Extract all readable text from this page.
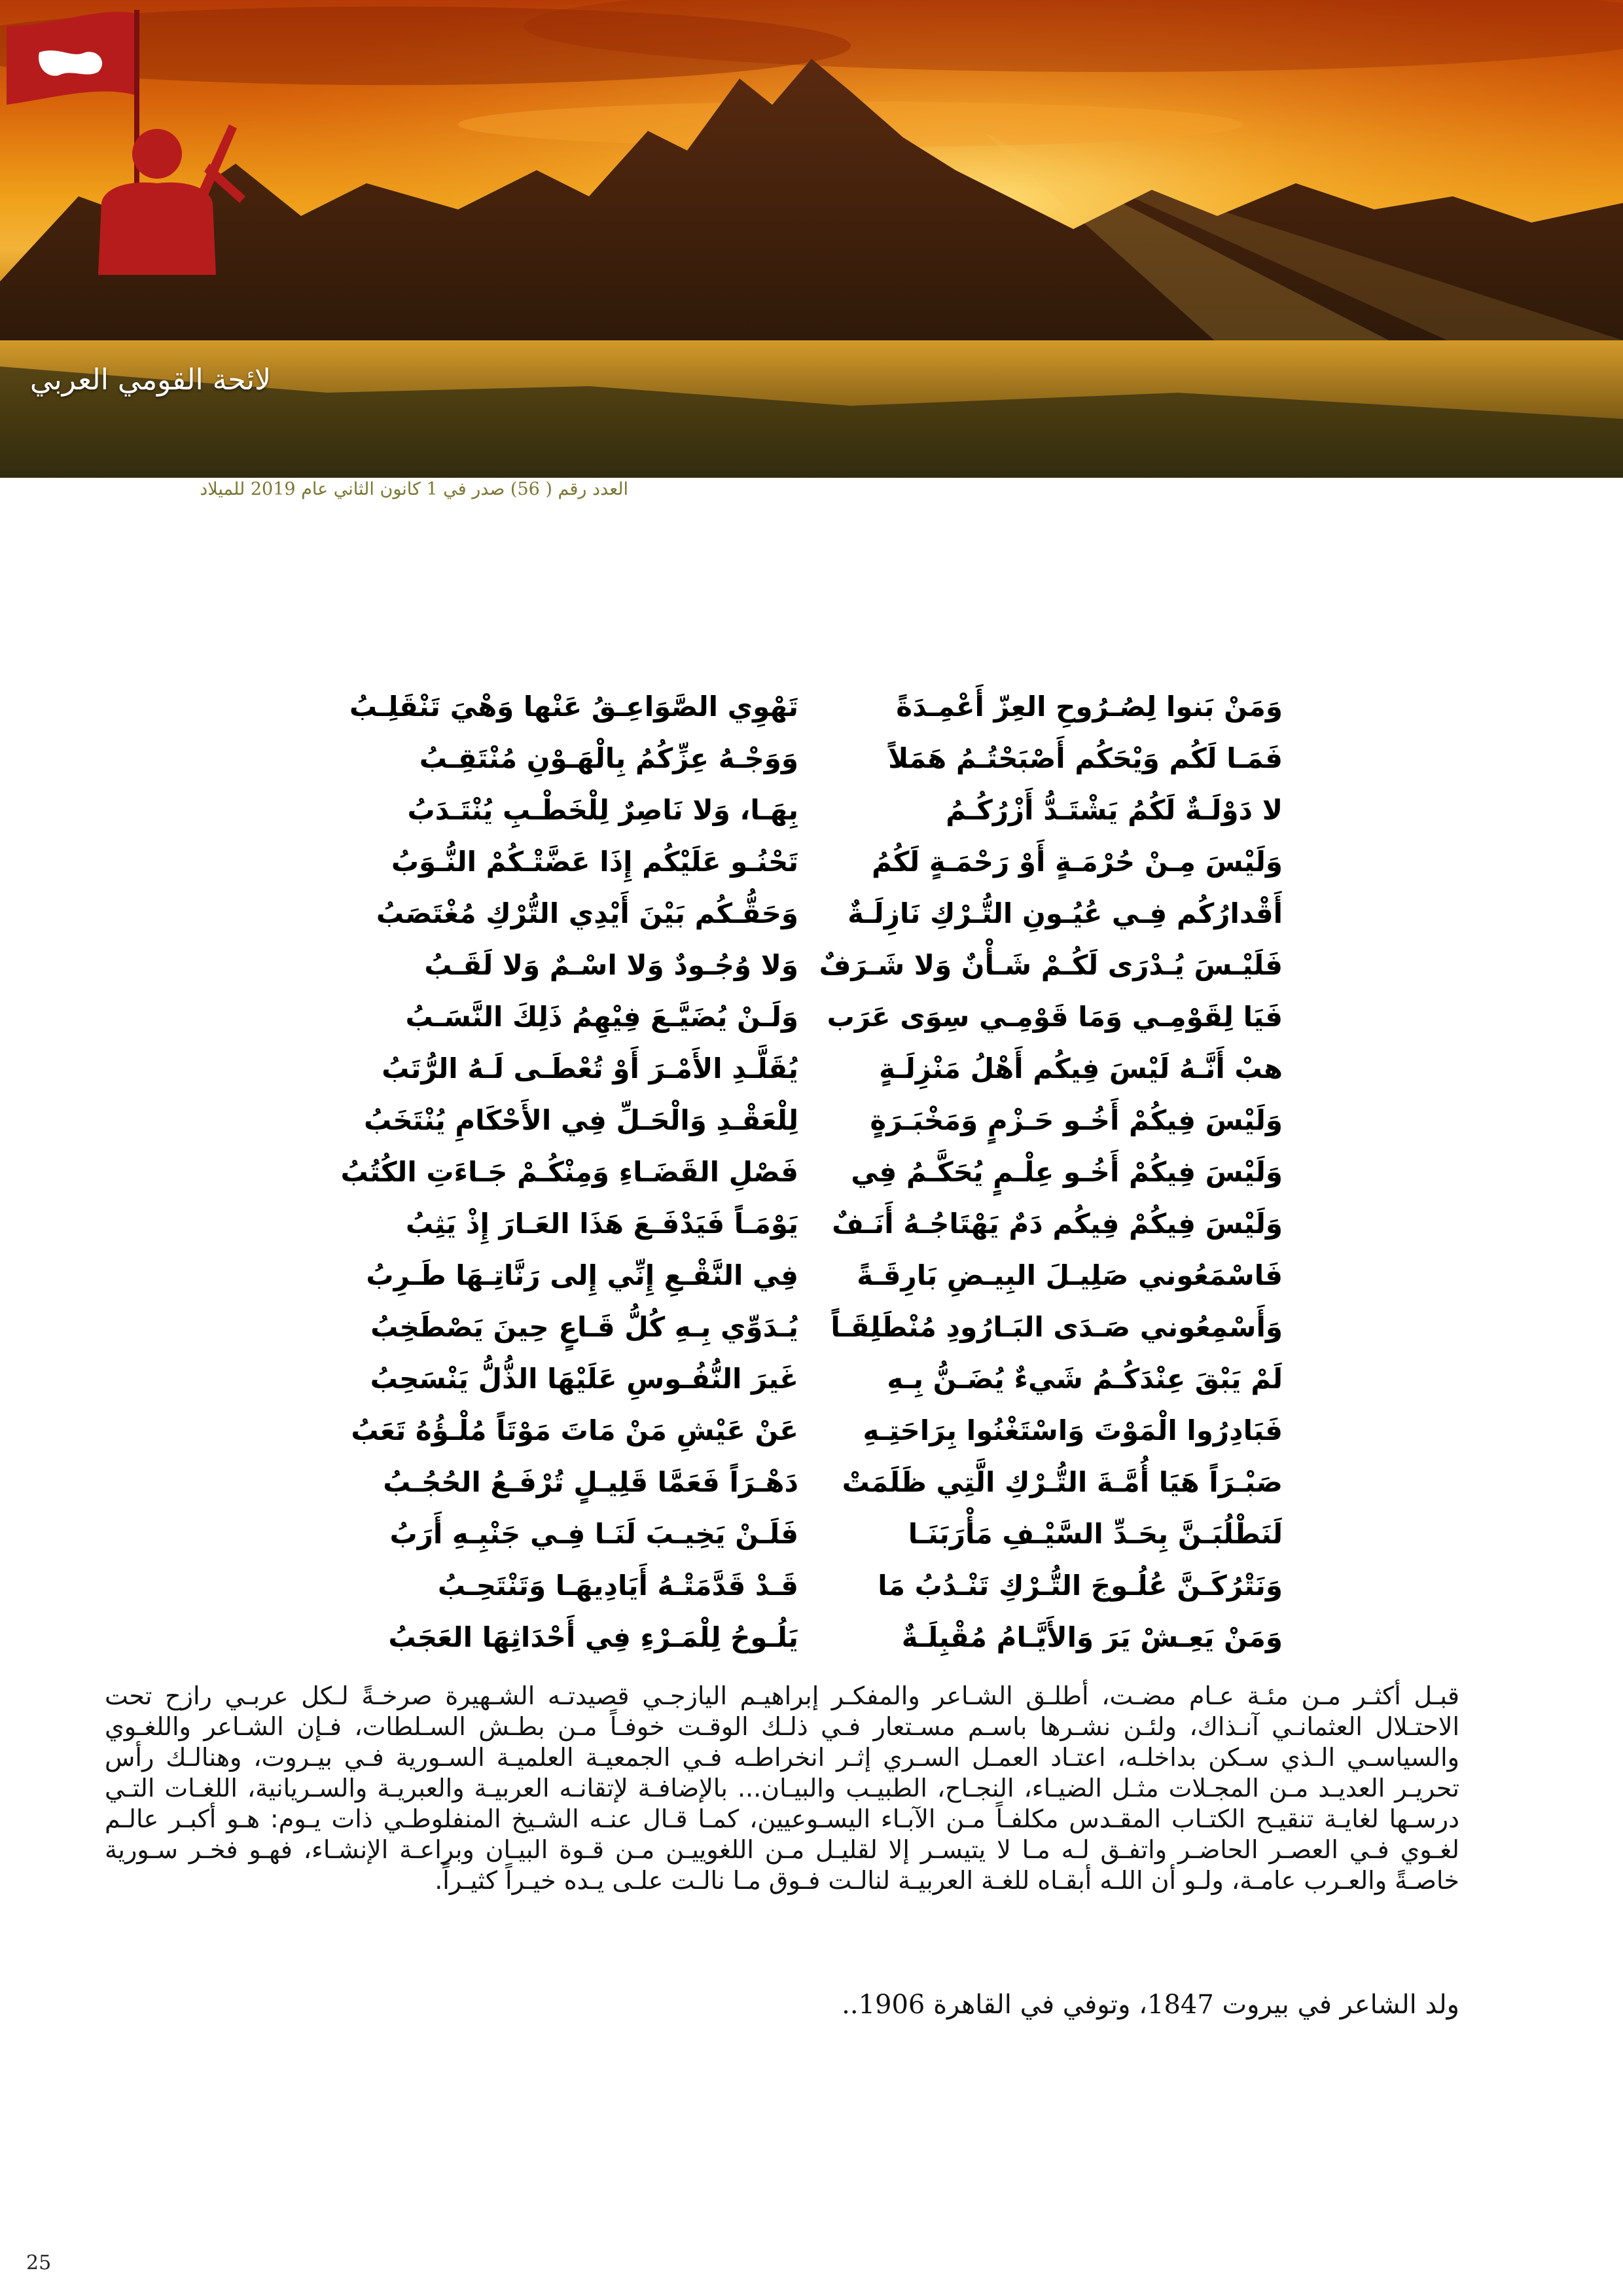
لائحة القومي العربي
العدد رقم ( 56) صدر في 1 كانون الثاني عام 2019 للميلاد
وَمَنْ بَنوا لِصُـرُوحِ العِزّ أَعْمِـدَةً
تَهْوِي الصَّوَاعِـقُ عَنْها وَهْيَ تَنْقَلِـبُ
فَمَـا لَكُم وَيْحَكُم أَصْبَحْتُـمُ هَمَلاً
وَوَجْـهُ عِزِّكُمُ بِالْهَـوْنِ مُنْتَقِـبُ
لا دَوْلَـةٌ لَكُمُ يَشْتَـدُّ أَزْرُكُـمُ
بِهَـا، وَلا نَاصِرٌ لِلْخَطْـبِ يُنْتَـدَبُ
وَلَيْسَ مِـنْ حُرْمَـةٍ أَوْ رَحْمَـةٍ لَكُمُ
تَحْنُـو عَلَيْكُم إِذَا عَضَّتْـكُمْ النُّـوَبُ
أَقْدارُكُم فِـي عُيُـونِ التُّـرْكِ نَازِلَـةٌ
وَحَقُّـكُم بَيْنَ أَيْدِي التُّرْكِ مُغْتَصَبُ
فَلَيْـسَ يُـدْرَى لَكُـمْ شَـأْنٌ وَلا شَـرَفٌ
وَلا وُجُـودٌ وَلا اسْـمٌ وَلا لَقَـبُ
فَيَا لِقَوْمِـي وَمَا قَوْمِـي سِوَى عَرَب
وَلَـنْ يُضَيَّـعَ فِيْهِمُ ذَلِكَ النَّسَـبُ
هبْ أَنَّـهُ لَيْسَ فِيكُم أَهْلُ مَنْزِلَـةٍ
يُقَلَّـدِ الأَمْـرَ أَوْ تُعْطَـى لَـهُ الرُّتَبُ
وَلَيْسَ فِيكُمْ أَخُـو حَـزْمٍ وَمَخْبَـرَةٍ
لِلْعَقْـدِ وَالْحَـلِّ فِي الأَحْكَامِ يُنْتَخَبُ
وَلَيْسَ فِيكُمْ أَخُـو عِلْـمٍ يُحَكَّـمُ فِي
فَصْلِ القَضَـاءِ وَمِنْكُـمْ جَـاءَتِ الكُتُبُ
وَلَيْسَ فِيكُمْ فِيكُم دَمٌ يَهْتَاجُـهُ أَنَـفٌ
يَوْمَـاً فَيَدْفَـعَ هَذَا العَـارَ إِذْ يَثِبُ
فَاسْمَعُوني صَلِيـلَ البِيـضِ بَارِقَـةً
فِي النَّقْـعِ إِنِّي إِلى رَنَّاتِـهَا طَـرِبُ
وَأَسْمِعُوني صَـدَى البَـارُودِ مُنْطَلِقَـاً
يُـدَوِّي بِـهِ كُلُّ قَـاعٍ حِينَ يَصْطَخِبُ
لَمْ يَبْقَ عِنْدَكُـمُ شَيءٌ يُضَـنُّ بِـهِ
غَيرَ النُّفُـوسِ عَلَيْهَا الذُّلُّ يَنْسَحِبُ
فَبَادِرُوا الْمَوْتَ وَاسْتَغْنُوا بِرَاحَتِـهِ
عَنْ عَيْشِ مَنْ مَاتَ مَوْتَاً مُلْـؤُهُ تَعَبُ
صَبْـرَاً هَيَا أُمَّـةَ التُّـرْكِ الَّتِي ظَلَمَتْ
دَهْـرَاً فَعَمَّا قَلِيـلٍ تُرْفَـعُ الحُجُـبُ
لَنَطْلُبَـنَّ بِحَـدِّ السَّيْـفِ مَأْرَبَنَـا
فَلَـنْ يَخِيـبَ لَنَـا فِـي جَنْبِـهِ أَرَبُ
وَنَتْرُكَـنَّ عُلُـوجَ التُّـرْكِ تَنْـدُبُ مَا
قَـدْ قَدَّمَتْـهُ أَيَادِيهَـا وَتَنْتَحِـبُ
وَمَنْ يَعِـشْ يَرَ وَالأَيَّـامُ مُقْبِلَـةٌ
يَلُـوحُ لِلْمَـرْءِ فِي أَحْدَاثِهَا العَجَبُ

قبـل أكثـر مـن مئـة عـام مضـت، أطلـق الشـاعر والمفكـر إبراهيـم اليازجـي قصيدتـه الشـهيرة صرخـةً لـكل عربـي رازح تحت الاحتـلال العثمانـي آنـذاك، ولئـن نشـرها باسـم مسـتعار فـي ذلـك الوقـت خوفـاً مـن بطـش السـلطات، فـإن الشـاعر واللغـوي والسياسـي الـذي سـكن بداخلـه، اعتـاد العمـل السـري إثـر انخراطـه فـي الجمعيـة العلميـة السـورية فـي بيـروت، وهنالـك رأس تحريـر العديـد مـن المجـلات مثـل الضيـاء، النجـاح، الطبيـب والبيـان... بالإضافـة لإتقانـه العربيـة والعبريـة والسـريانية، اللغـات التـي درسـها لغايـة تنقيـح الكتـاب المقـدس مكلفـاً مـن الآبـاء اليسـوعيين، كمـا قـال عنـه الشـيخ المنفلوطـي ذات يـوم: هـو أكبـر عالـم لغـوي فـي العصـر الحاضـر واتفـق لـه مـا لا يتيسـر إلا لقليـل مـن اللغوييـن مـن قـوة البيـان وبراعـة الإنشـاء، فهـو فخـر سـورية خاصـةً والعـرب عامـة، ولـو أن اللـه أبقـاه للغـة العربيـة لنالـت فـوق مـا نالـت علـى يـده خيـراً كثيـراً.

ولد الشاعر في بيروت 1847، وتوفي في القاهرة 1906..
25
